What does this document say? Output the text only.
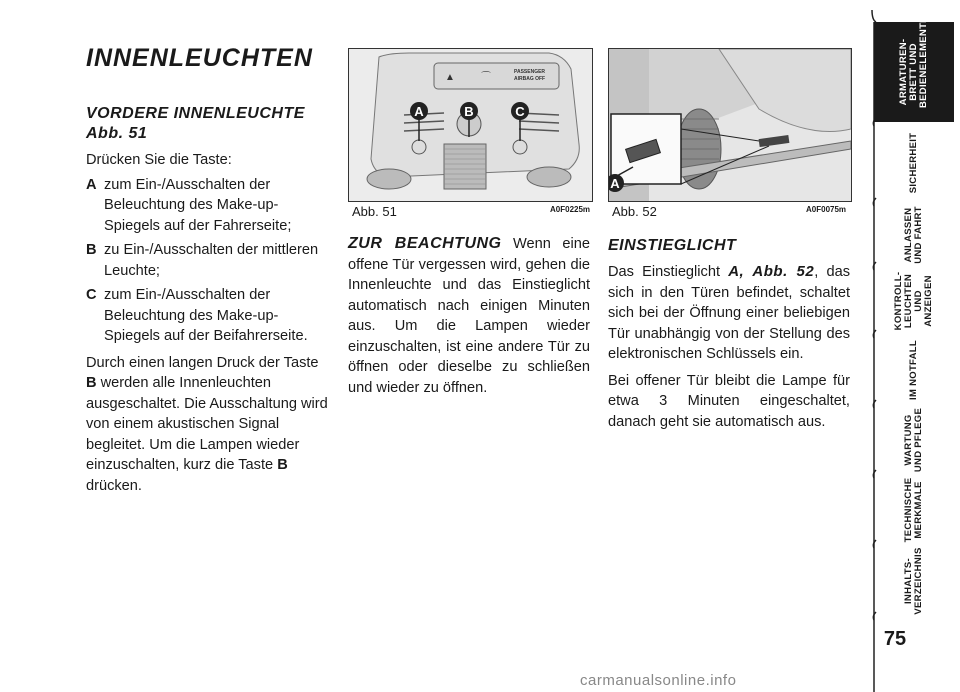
INNENLEUCHTEN
VORDERE INNENLEUCHTE
Abb. 51

Drücken Sie die Taste:

A zum Ein-/Ausschalten der Beleuchtung des Make-up-Spiegels auf der Fahrerseite;
B zu Ein-/Ausschalten der mittleren Leuchte;
C zum Ein-/Ausschalten der Beleuchtung des Make-up-Spiegels auf der Beifahrerseite.

Durch einen langen Druck der Taste B werden alle Innenleuchten ausgeschaltet. Die Ausschaltung wird von einem akustischen Signal begleitet. Um die Lampen wieder einzuschalten, kurz die Taste B drücken.

▲	⌒	PASSENGER
AIRBAG OFF
A	B	C
Abb. 51	A0F0225m
A
Abb. 52	A0F0075m

ZUR BEACHTUNG Wenn eine offene Tür vergessen wird, gehen die Innenleuchte und das Einstieglicht automatisch nach einigen Minuten aus. Um die Lampen wieder einzuschalten, ist eine andere Tür zu öffnen oder dieselbe zu schließen und wieder zu öffnen.

EINSTIEGLICHT

Das Einstieglicht A, Abb. 52, das sich in den Türen befindet, schaltet sich bei der Öffnung einer beliebigen Tür unabhängig von der Stellung des elektronischen Schlüssels ein.

Bei offener Tür bleibt die Lampe für etwa 3 Minuten eingeschaltet, danach geht sie automatisch aus.

ARMATUREN-
BRETT UND
BEDIENELEMENTE
SICHERHEIT
ANLASSEN
UND FAHRT
KONTROLL-
LEUCHTEN
UND ANZEIGEN
IM NOTFALL
WARTUNG
UND PFLEGE
TECHNISCHE
MERKMALE
INHALTS-
VERZEICHNIS
75
carmanualsonline.info
